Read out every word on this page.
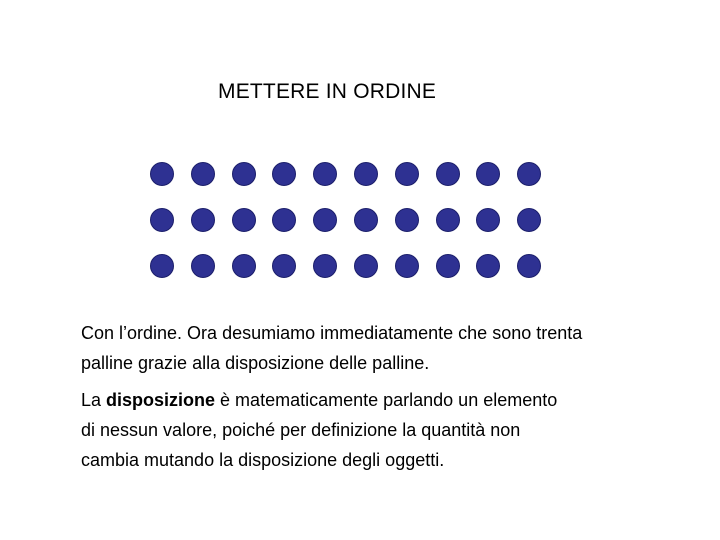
METTERE IN ORDINE

Con l’ordine. Ora desumiamo immediatamente che sono trenta
palline grazie alla disposizione delle palline.

La disposizione è matematicamente parlando un elemento
di nessun valore, poiché per definizione la quantità non
cambia mutando la disposizione degli oggetti.
